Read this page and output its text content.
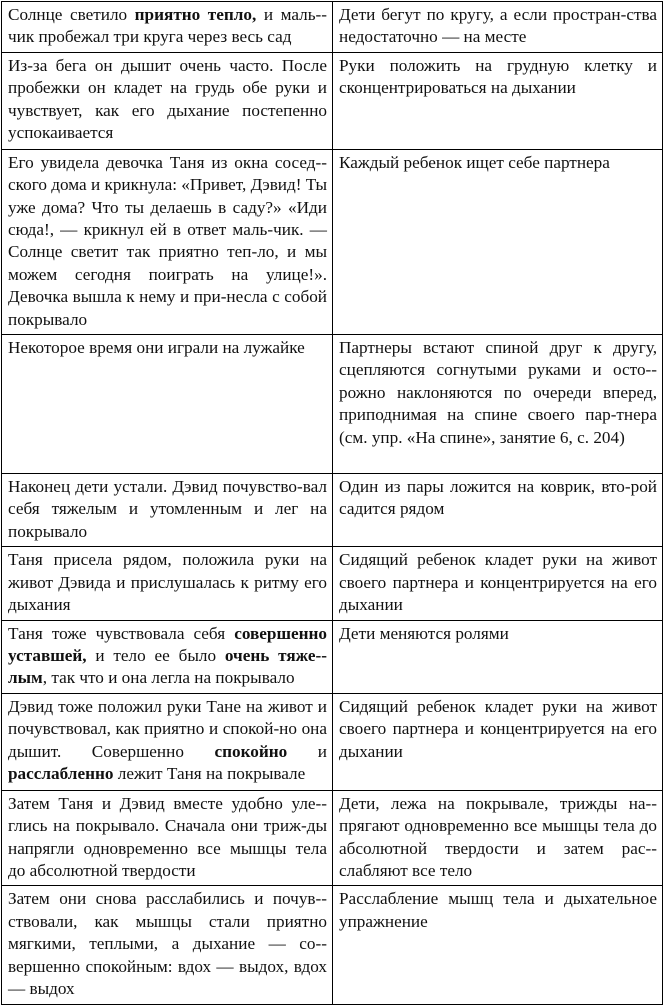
Солнце светило приятно тепло, и маль-чик пробежал три круга через весь сад	Дети бегут по кругу, а если простран-ства недостаточно — на месте
Из-за бега он дышит очень часто. После пробежки он кладет на грудь обе руки и чувствует, как его дыхание постепенно успокаивается	Руки положить на грудную клетку и сконцентрироваться на дыхании
Его увидела девочка Таня из окна сосед-ского дома и крикнула: «Привет, Дэвид! Ты уже дома? Что ты делаешь в саду?» «Иди сюда!, — крикнул ей в ответ маль-чик. — Солнце светит так приятно теп-ло, и мы можем сегодня поиграть на улице!». Девочка вышла к нему и при-несла с собой покрывало	Каждый ребенок ищет себе партнера
Некоторое время они играли на лужайке	Партнеры встают спиной друг к другу, сцепляются согнутыми руками и осто-рожно наклоняются по очереди вперед, приподнимая на спине своего пар-тнера (см. упр. «На спине», занятие 6, с. 204)
Наконец дети устали. Дэвид почувство-вал себя тяжелым и утомленным и лег на покрывало	Один из пары ложится на коврик, вто-рой садится рядом
Таня присела рядом, положила руки на живот Дэвида и прислушалась к ритму его дыхания	Сидящий ребенок кладет руки на живот своего партнера и концентрируется на его дыхании
Таня тоже чувствовала себя совершенно уставшей, и тело ее было очень тяже-лым, так что и она легла на покрывало	Дети меняются ролями
Дэвид тоже положил руки Тане на живот и почувствовал, как приятно и спокой-но она дышит. Совершенно спокойно и расслабленно лежит Таня на покрывале	Сидящий ребенок кладет руки на живот своего партнера и концентрируется на его дыхании
Затем Таня и Дэвид вместе удобно уле-глись на покрывало. Сначала они триж-ды напрягли одновременно все мышцы тела до абсолютной твердости	Дети, лежа на покрывале, трижды на-прягают одновременно все мышцы тела до абсолютной твердости и затем рас-слабляют все тело
Затем они снова расслабились и почув-ствовали, как мышцы стали приятно мягкими, теплыми, а дыхание — со-вершенно спокойным: вдох — выдох, вдох — выдох	Расслабление мышц тела и дыхательное упражнение
